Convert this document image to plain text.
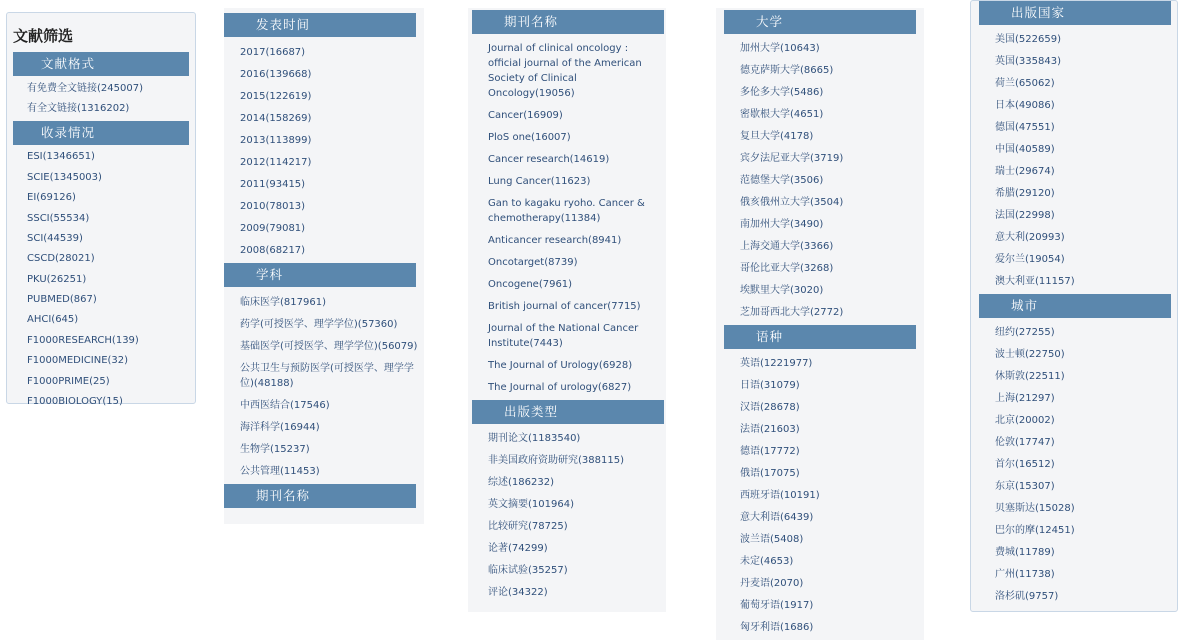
文献筛选
文献格式
有免费全文链接(245007)
有全文链接(1316202)
收录情况
ESI(1346651)
SCIE(1345003)
EI(69126)
SSCI(55534)
SCI(44539)
CSCD(28021)
PKU(26251)
PUBMED(867)
AHCI(645)
F1000RESEARCH(139)
F1000MEDICINE(32)
F1000PRIME(25)
F1000BIOLOGY(15)
发表时间
2017(16687)
2016(139668)
2015(122619)
2014(158269)
2013(113899)
2012(114217)
2011(93415)
2010(78013)
2009(79081)
2008(68217)
学科
临床医学(817961)
药学(可授医学、理学学位)(57360)
基础医学(可授医学、理学学位)(56079)
公共卫生与预防医学(可授医学、理学学位)(48188)
中西医结合(17546)
海洋科学(16944)
生物学(15237)
公共管理(11453)
期刊名称
期刊名称
Journal of clinical oncology : official journal of the American Society of Clinical Oncology(19056)
Cancer(16909)
PloS one(16007)
Cancer research(14619)
Lung Cancer(11623)
Gan to kagaku ryoho. Cancer & chemotherapy(11384)
Anticancer research(8941)
Oncotarget(8739)
Oncogene(7961)
British journal of cancer(7715)
Journal of the National Cancer Institute(7443)
The Journal of Urology(6928)
The Journal of urology(6827)
出版类型
期刊论文(1183540)
非美国政府资助研究(388115)
综述(186232)
英文摘要(101964)
比较研究(78725)
论著(74299)
临床试验(35257)
评论(34322)
大学
加州大学(10643)
德克萨斯大学(8665)
多伦多大学(5486)
密歇根大学(4651)
复旦大学(4178)
宾夕法尼亚大学(3719)
范德堡大学(3506)
俄亥俄州立大学(3504)
南加州大学(3490)
上海交通大学(3366)
哥伦比亚大学(3268)
埃默里大学(3020)
芝加哥西北大学(2772)
语种
英语(1221977)
日语(31079)
汉语(28678)
法语(21603)
德语(17772)
俄语(17075)
西班牙语(10191)
意大利语(6439)
波兰语(5408)
未定(4653)
丹麦语(2070)
葡萄牙语(1917)
匈牙利语(1686)
出版国家
美国(522659)
英国(335843)
荷兰(65062)
日本(49086)
德国(47551)
中国(40589)
瑞士(29674)
希腊(29120)
法国(22998)
意大利(20993)
爱尔兰(19054)
澳大利亚(11157)
城市
纽约(27255)
波士顿(22750)
休斯敦(22511)
上海(21297)
北京(20002)
伦敦(17747)
首尔(16512)
东京(15307)
贝塞斯达(15028)
巴尔的摩(12451)
费城(11789)
广州(11738)
洛杉矶(9757)
